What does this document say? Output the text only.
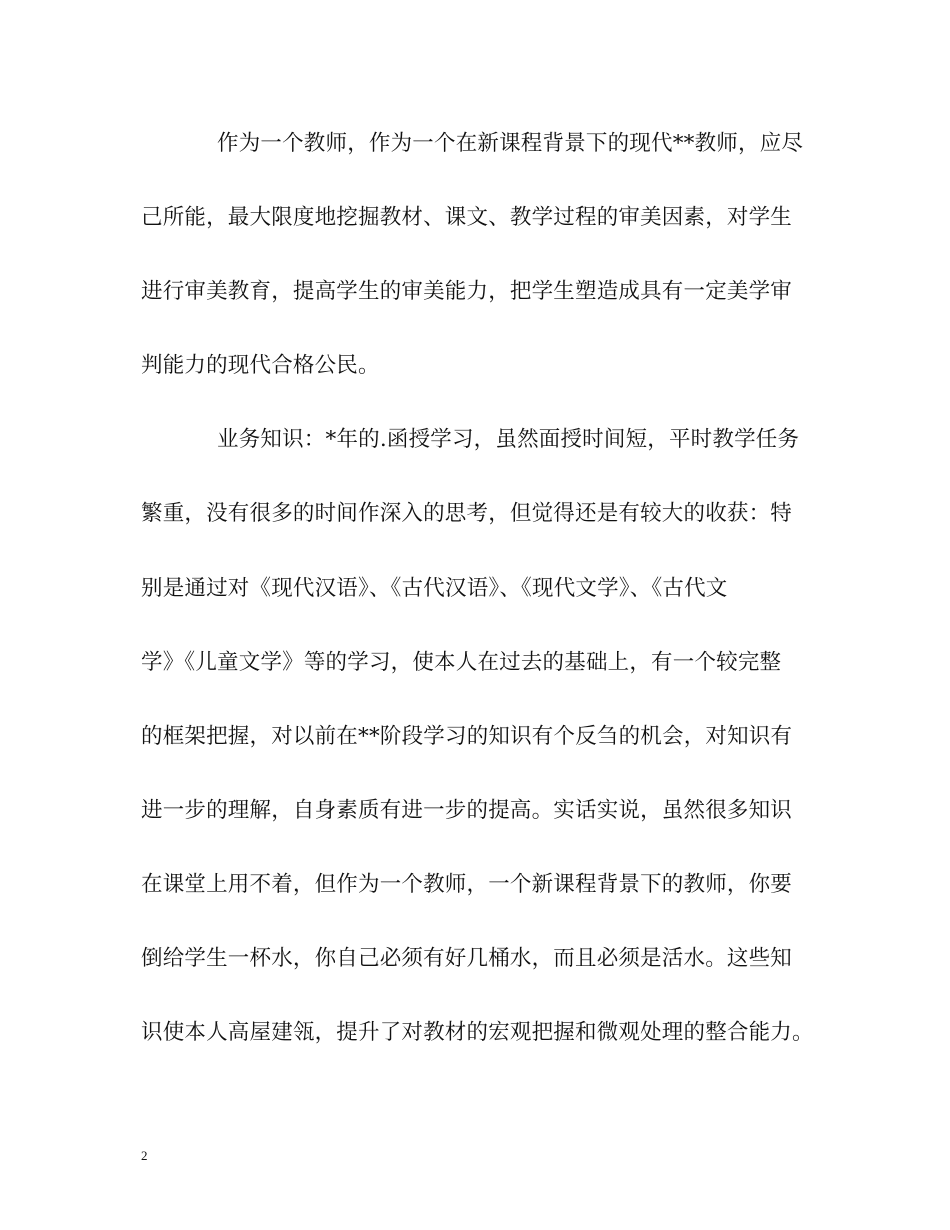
作为一个教师，作为一个在新课程背景下的现代**教师，应尽
己所能，最大限度地挖掘教材、课文、教学过程的审美因素，对学生
进行审美教育，提高学生的审美能力，把学生塑造成具有一定美学审
判能力的现代合格公民。
业务知识：*年的.函授学习，虽然面授时间短，平时教学任务
繁重，没有很多的时间作深入的思考，但觉得还是有较大的收获：特
别是通过对《现代汉语》、《古代汉语》、《现代文学》、《古代文
学》《儿童文学》等的学习，使本人在过去的基础上，有一个较完整
的框架把握，对以前在**阶段学习的知识有个反刍的机会，对知识有
进一步的理解，自身素质有进一步的提高。实话实说，虽然很多知识
在课堂上用不着，但作为一个教师，一个新课程背景下的教师，你要
倒给学生一杯水，你自己必须有好几桶水，而且必须是活水。这些知
识使本人高屋建瓴，提升了对教材的宏观把握和微观处理的整合能力。
2
